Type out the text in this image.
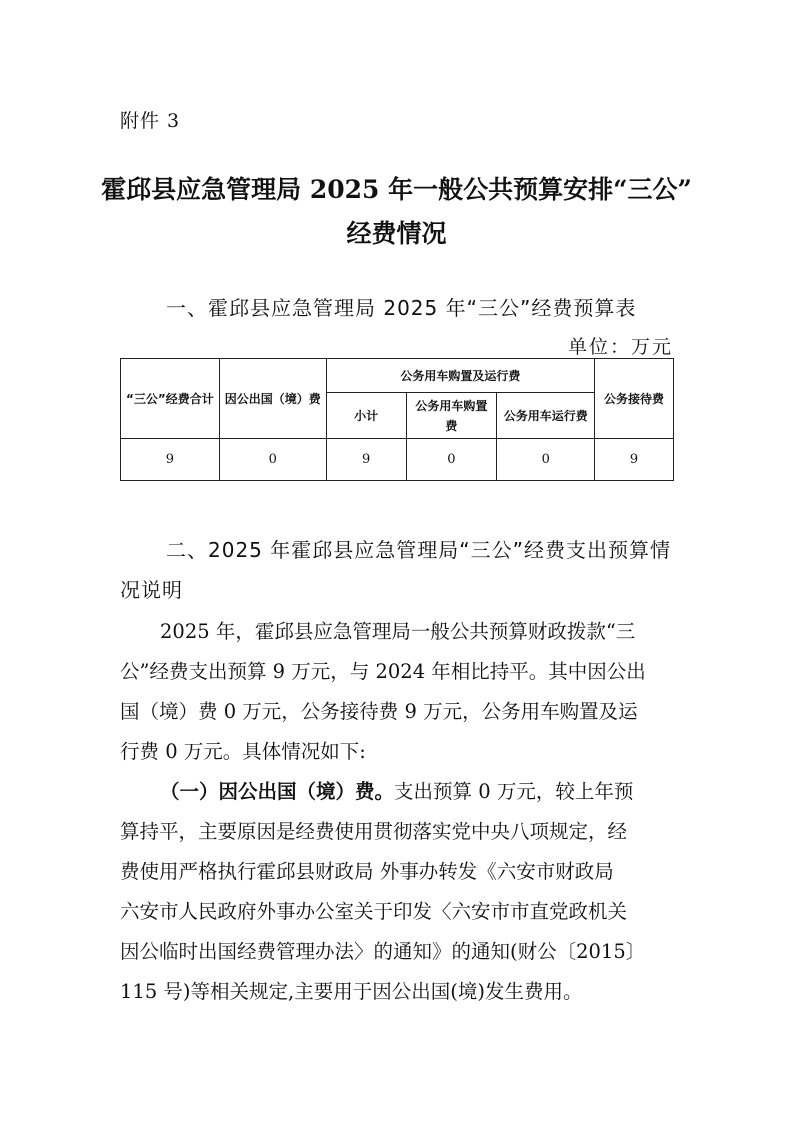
附件 3
霍邱县应急管理局 2025 年一般公共预算安排“三公”
经费情况
一、霍邱县应急管理局 2025 年“三公”经费预算表
单位：万元
“三公”经费合计	因公出国（境）费	公务用车购置及运行费			公务接待费
		小计	公务用车购置费	公务用车运行费	
9	0	9	0	0	9
二、2025 年霍邱县应急管理局“三公”经费支出预算情
况说明
2025 年，霍邱县应急管理局一般公共预算财政拨款“三
公”经费支出预算 9 万元，与 2024 年相比持平。其中因公出
国（境）费 0 万元，公务接待费 9 万元，公务用车购置及运
行费 0 万元。具体情况如下:
（一）因公出国（境）费。支出预算 0 万元，较上年预
算持平，主要原因是经费使用贯彻落实党中央八项规定，经
费使用严格执行霍邱县财政局 外事办转发《六安市财政局
六安市人民政府外事办公室关于印发〈六安市市直党政机关
因公临时出国经费管理办法〉的通知》的通知(财公〔2015〕
115 号)等相关规定,主要用于因公出国(境)发生费用。
